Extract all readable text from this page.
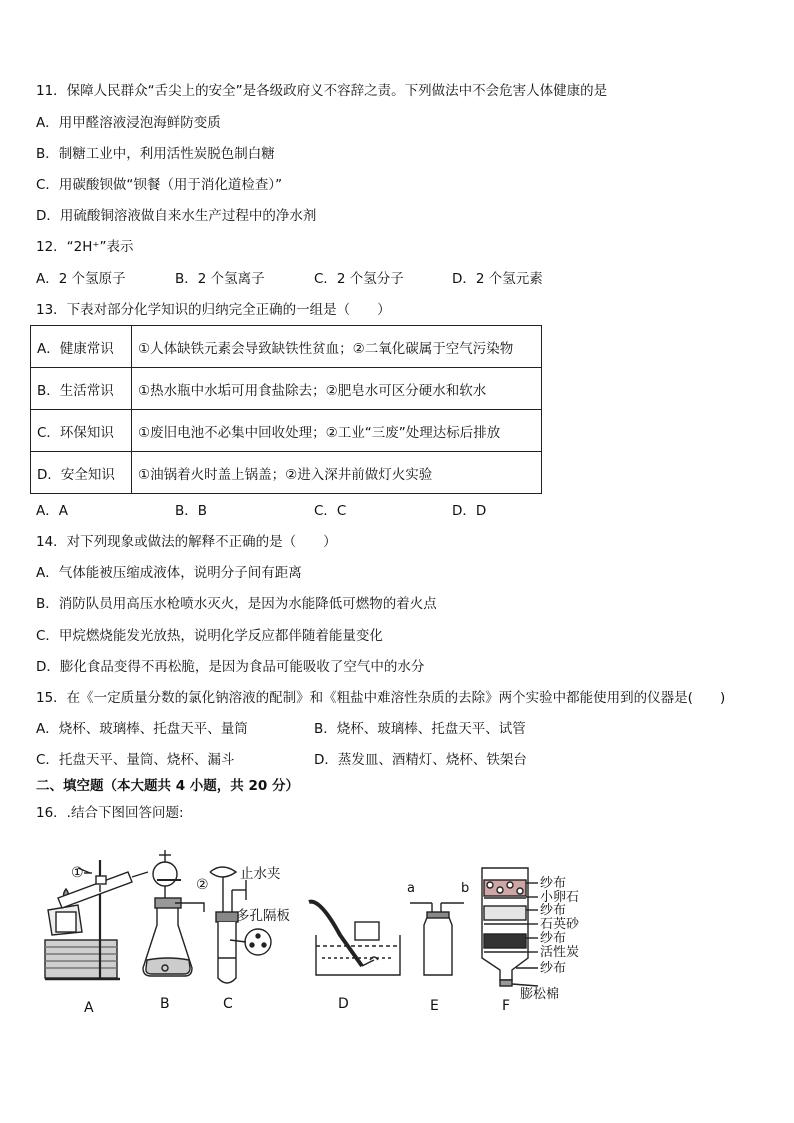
11．保障人民群众“舌尖上的安全”是各级政府义不容辞之责。下列做法中不会危害人体健康的是
A．用甲醛溶液浸泡海鲜防变质
B．制糖工业中，利用活性炭脱色制白糖
C．用碳酸钡做“钡餐（用于消化道检查）”
D．用硫酸铜溶液做自来水生产过程中的净水剂
12．“2H⁺”表示
A．2 个氢原子	B．2 个氢离子	C．2 个氢分子	D．2 个氢元素
13．下表对部分化学知识的归纳完全正确的一组是（　　）
A．健康常识	①人体缺铁元素会导致缺铁性贫血；②二氧化碳属于空气污染物
B．生活常识	①热水瓶中水垢可用食盐除去；②肥皂水可区分硬水和软水
C．环保知识	①废旧电池不必集中回收处理；②工业“三废”处理达标后排放
D．安全知识	①油锅着火时盖上锅盖；②进入深井前做灯火实验
A．A	B．B	C．C	D．D
14．对下列现象或做法的解释不正确的是（　　）
A．气体能被压缩成液体，说明分子间有距离
B．消防队员用高压水枪喷水灭火，是因为水能降低可燃物的着火点
C．甲烷燃烧能发光放热，说明化学反应都伴随着能量变化
D．膨化食品变得不再松脆，是因为食品可能吸收了空气中的水分
15．在《一定质量分数的氯化钠溶液的配制》和《粗盐中难溶性杂质的去除》两个实验中都能使用到的仪器是(　　)
A．烧杯、玻璃棒、托盘天平、量筒	B．烧杯、玻璃棒、托盘天平、试管
C．托盘天平、量筒、烧杯、漏斗	D．蒸发皿、酒精灯、烧杯、铁架台
二、填空题（本大题共 4 小题，共 20 分）
16．.结合下图回答问题:
①
A	B
②
止水夹
多孔隔板
C	D
a	b
E
纱布
小卵石
纱布
石英砂
纱布
活性炭
纱布
膨松棉
F
